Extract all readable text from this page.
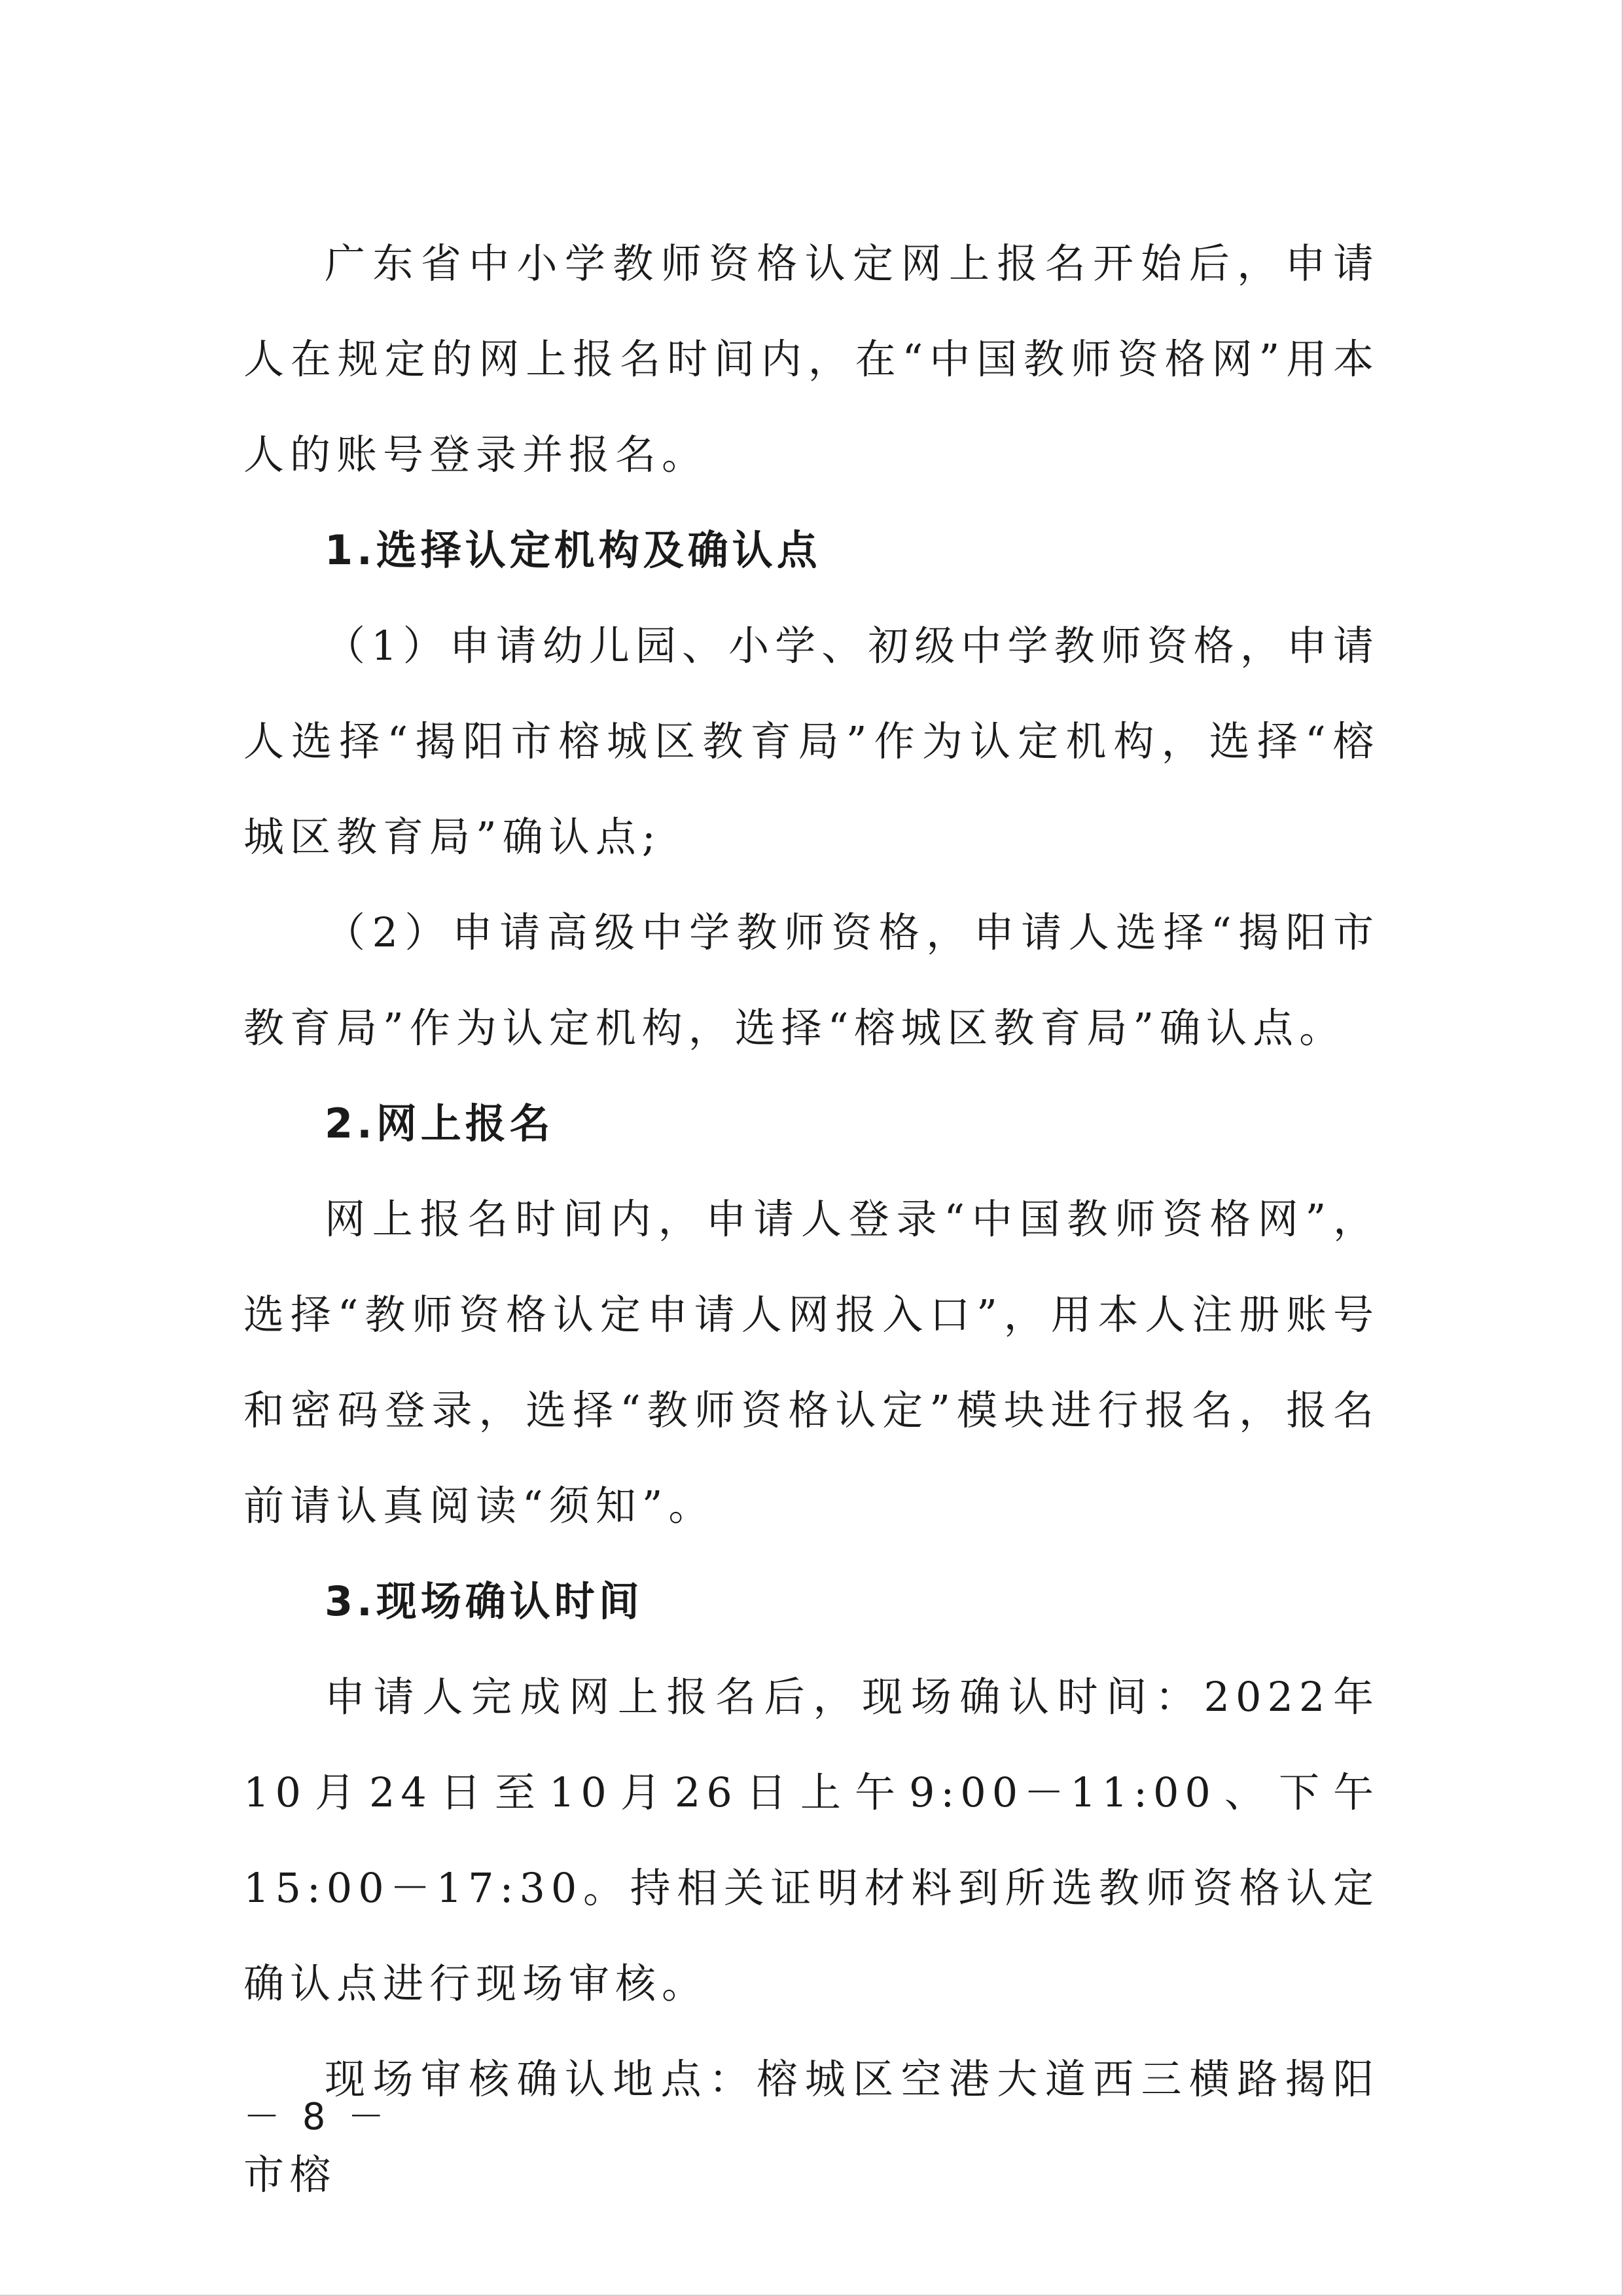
广东省中小学教师资格认定网上报名开始后，申请人在规定的网上报名时间内，在“中国教师资格网”用本人的账号登录并报名。

1.选择认定机构及确认点

（1）申请幼儿园、小学、初级中学教师资格，申请人选择“揭阳市榕城区教育局”作为认定机构，选择“榕城区教育局”确认点;

（2）申请高级中学教师资格，申请人选择“揭阳市教育局”作为认定机构，选择“榕城区教育局”确认点。

2.网上报名

网上报名时间内，申请人登录“中国教师资格网”，选择“教师资格认定申请人网报入口”，用本人注册账号和密码登录，选择“教师资格认定”模块进行报名，报名前请认真阅读“须知”。

3.现场确认时间

申请人完成网上报名后，现场确认时间：2022年10月24日至10月26日上午9:00－11:00、下午15:00－17:30。持相关证明材料到所选教师资格认定确认点进行现场审核。

现场审核确认地点：榕城区空港大道西三横路揭阳市榕

－ 8 －
